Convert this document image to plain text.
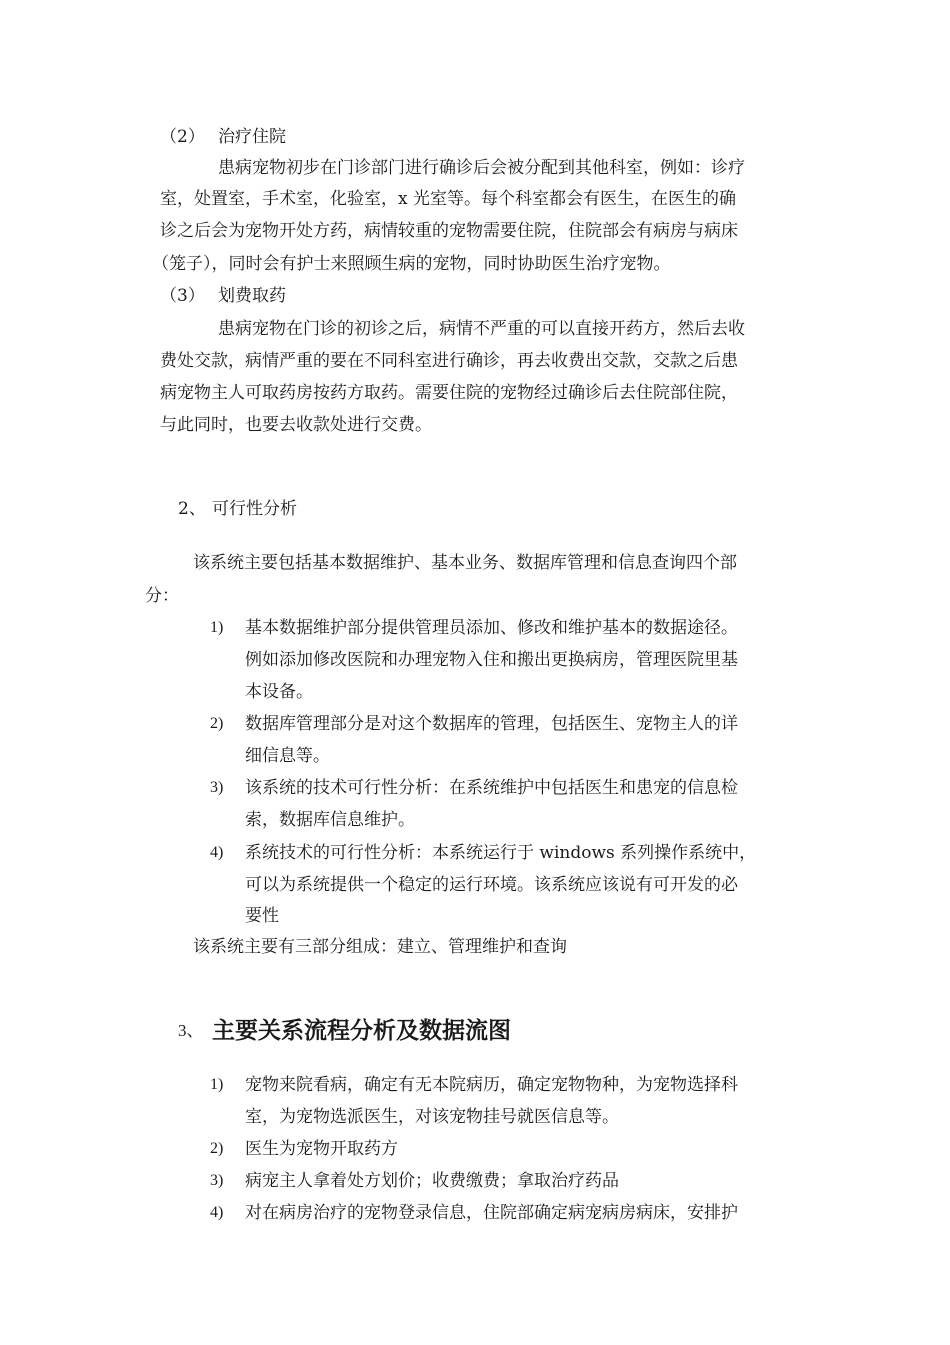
（2） 治疗住院
患病宠物初步在门诊部门进行确诊后会被分配到其他科室，例如：诊疗
室，处置室，手术室，化验室，x 光室等。每个科室都会有医生，在医生的确
诊之后会为宠物开处方药，病情较重的宠物需要住院，住院部会有病房与病床
（笼子），同时会有护士来照顾生病的宠物，同时协助医生治疗宠物。
（3） 划费取药
患病宠物在门诊的初诊之后，病情不严重的可以直接开药方，然后去收
费处交款，病情严重的要在不同科室进行确诊，再去收费出交款，交款之后患
病宠物主人可取药房按药方取药。需要住院的宠物经过确诊后去住院部住院，
与此同时，也要去收款处进行交费。
2、 可行性分析
该系统主要包括基本数据维护、基本业务、数据库管理和信息查询四个部
分：
1) 基本数据维护部分提供管理员添加、修改和维护基本的数据途径。
例如添加修改医院和办理宠物入住和搬出更换病房，管理医院里基
本设备。
2) 数据库管理部分是对这个数据库的管理，包括医生、宠物主人的详
细信息等。
3) 该系统的技术可行性分析：在系统维护中包括医生和患宠的信息检
索，数据库信息维护。
4) 系统技术的可行性分析：本系统运行于 windows 系列操作系统中，
可以为系统提供一个稳定的运行环境。该系统应该说有可开发的必
要性
该系统主要有三部分组成：建立、管理维护和查询
3、 主要关系流程分析及数据流图
1) 宠物来院看病，确定有无本院病历，确定宠物物种，为宠物选择科
室，为宠物选派医生，对该宠物挂号就医信息等。
2) 医生为宠物开取药方
3) 病宠主人拿着处方划价；收费缴费；拿取治疗药品
4) 对在病房治疗的宠物登录信息，住院部确定病宠病房病床，安排护
